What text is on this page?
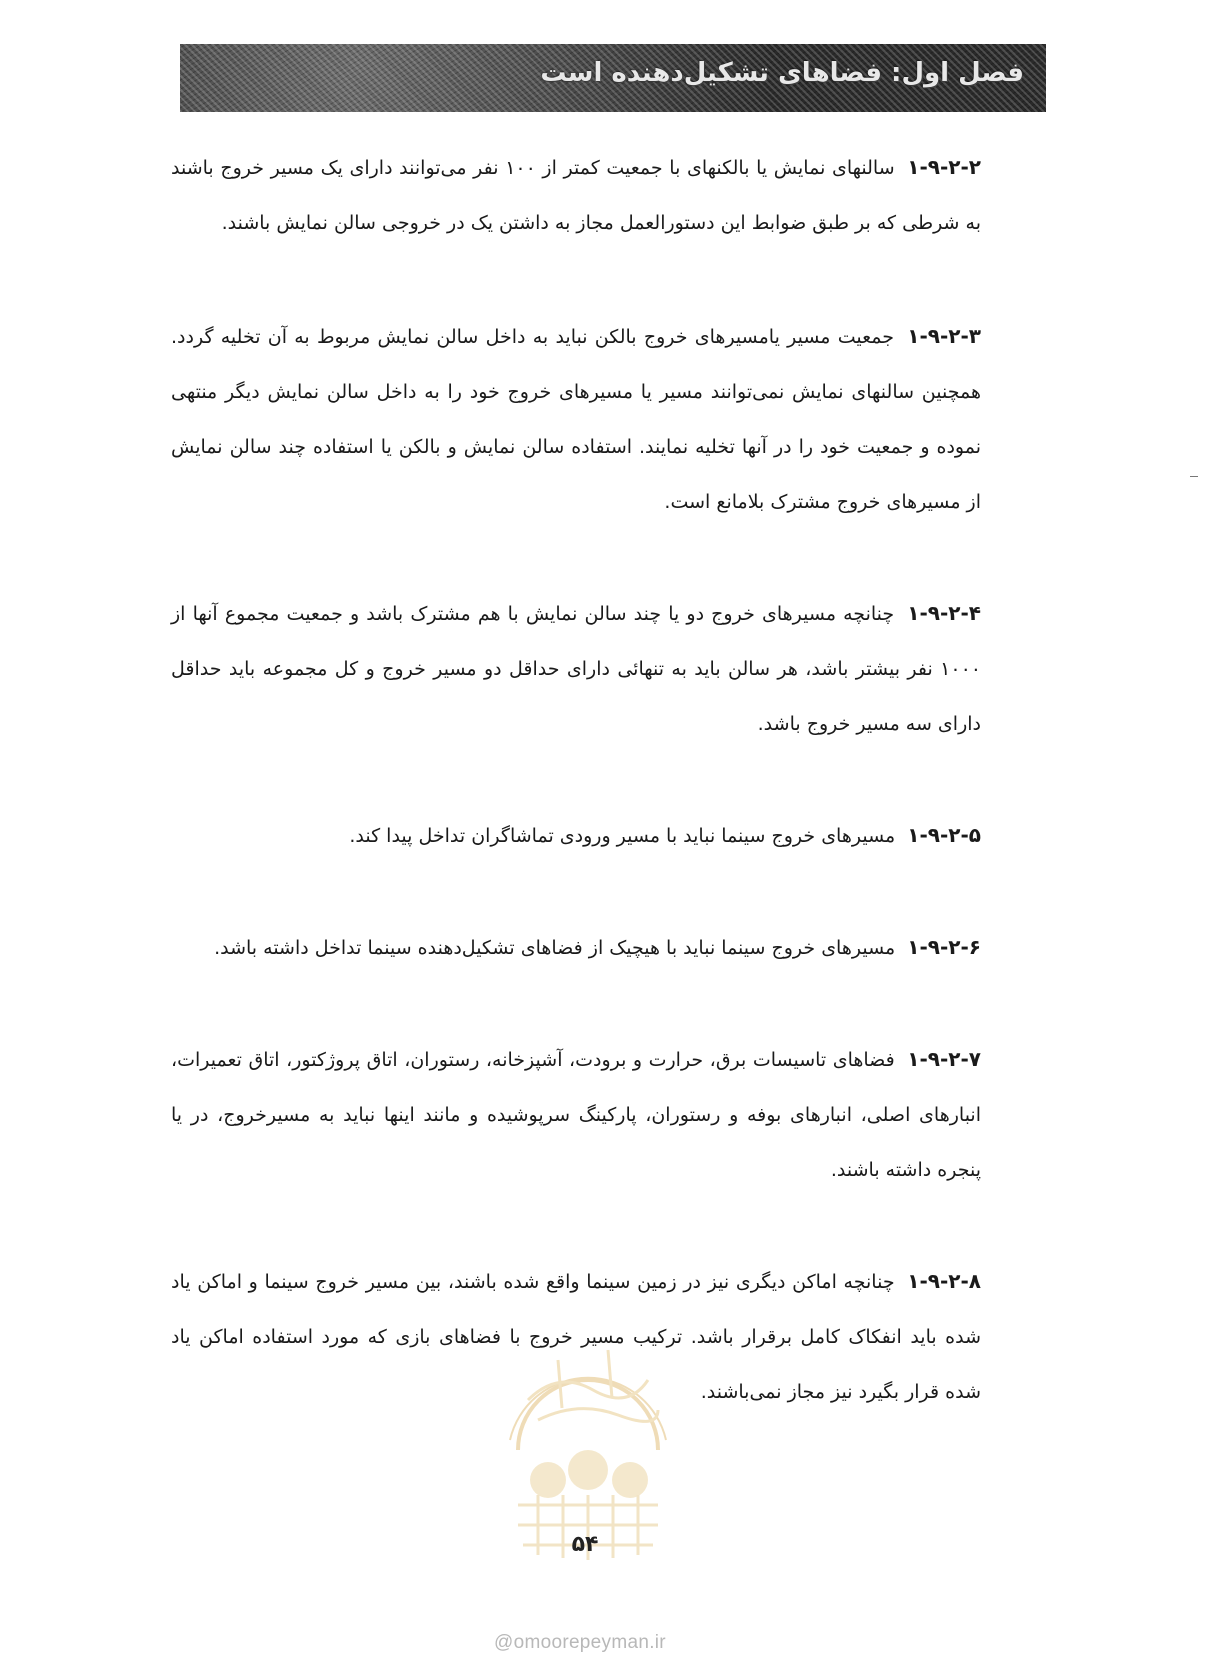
فصل اول: فضاهای تشکیل‌دهنده است

۱-۹-۲-۲ سالنهای نمایش یا بالکنهای با جمعیت کمتر از ۱۰۰ نفر می‌توانند دارای یک مسیر خروج باشند به شرطی که بر طبق ضوابط این دستورالعمل مجاز به داشتن یک در خروجی سالن نمایش باشند.

۱-۹-۲-۳ جمعیت مسیر یامسیرهای خروج بالکن نباید به داخل سالن نمایش مربوط به آن تخلیه گردد. همچنین سالنهای نمایش نمی‌توانند مسیر یا مسیرهای خروج خود را به داخل سالن نمایش دیگر منتهی نموده و جمعیت خود را در آنها تخلیه نمایند. استفاده سالن نمایش و بالکن یا استفاده چند سالن نمایش از مسیرهای خروج مشترک بلامانع است.

۱-۹-۲-۴ چنانچه مسیرهای خروج دو یا چند سالن نمایش با هم مشترک باشد و جمعیت مجموع آنها از ۱۰۰۰ نفر بیشتر باشد، هر سالن باید به تنهائی دارای حداقل دو مسیر خروج و کل مجموعه باید حداقل دارای سه مسیر خروج باشد.

۱-۹-۲-۵ مسیرهای خروج سینما نباید با مسیر ورودی تماشاگران تداخل پیدا کند.

۱-۹-۲-۶ مسیرهای خروج سینما نباید با هیچیک از فضاهای تشکیل‌دهنده سینما تداخل داشته باشد.

۱-۹-۲-۷ فضاهای تاسیسات برق، حرارت و برودت، آشپزخانه، رستوران، اتاق پروژکتور، اتاق تعمیرات، انبارهای اصلی، انبارهای بوفه و رستوران، پارکینگ سرپوشیده و مانند اینها نباید به مسیرخروج، در یا پنجره داشته باشند.

۱-۹-۲-۸ چنانچه اماکن دیگری نیز در زمین سینما واقع شده باشند، بین مسیر خروج سینما و اماکن یاد شده باید انفکاک کامل برقرار باشد. ترکیب مسیر خروج با فضاهای بازی که مورد استفاده اماکن یاد شده قرار بگیرد نیز مجاز نمی‌باشند.

۵۴
@omoorepeyman.ir
